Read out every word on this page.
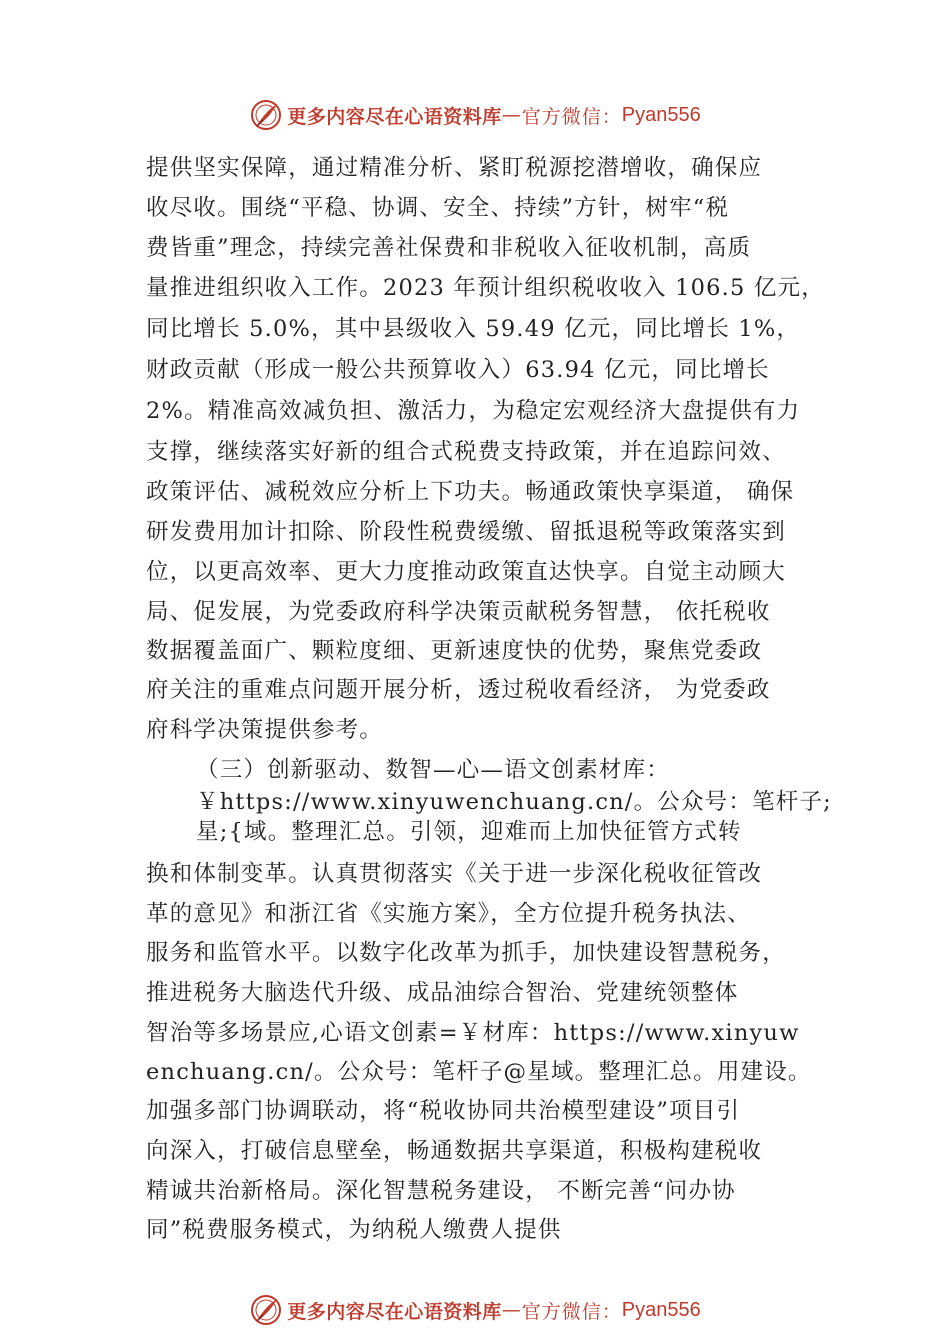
更多内容尽在心语资料库 — 官方微信： Pyan556
提供坚实保障，通过精准分析、紧盯税源挖潜增收，确保应
收尽收。围绕“平稳、协调、安全、持续”方针，树牢“税
费皆重”理念，持续完善社保费和非税收入征收机制，高质
量推进组织收入工作。2023 年预计组织税收收入 106.5 亿元，
同比增长 5.0%，其中县级收入 59.49 亿元，同比增长 1%，
财政贡献（形成一般公共预算收入）63.94 亿元，同比增长
2%。精准高效减负担、激活力，为稳定宏观经济大盘提供有力
支撑，继续落实好新的组合式税费支持政策，并在追踪问效、
政策评估、减税效应分析上下功夫。畅通政策快享渠道， 确保
研发费用加计扣除、阶段性税费缓缴、留抵退税等政策落实到
位，以更高效率、更大力度推动政策直达快享。自觉主动顾大
局、促发展，为党委政府科学决策贡献税务智慧， 依托税收
数据覆盖面广、颗粒度细、更新速度快的优势，聚焦党委政
府关注的重难点问题开展分析，透过税收看经济， 为党委政
府科学决策提供参考。
（三）创新驱动、数智—心—语文创素材库：
￥https://www.xinyuwenchuang.cn/。公众号：笔杆子;
星;{域。整理汇总。引领，迎难而上加快征管方式转
换和体制变革。认真贯彻落实《关于进一步深化税收征管改
革的意见》和浙江省《实施方案》，全方位提升税务执法、
服务和监管水平。以数字化改革为抓手，加快建设智慧税务，
推进税务大脑迭代升级、成品油综合智治、党建统领整体
智治等多场景应,心语文创素=￥材库：https://www.xinyuw
enchuang.cn/。公众号：笔杆子@星域。整理汇总。用建设。
加强多部门协调联动，将“税收协同共治模型建设”项目引
向深入，打破信息壁垒，畅通数据共享渠道，积极构建税收
精诚共治新格局。深化智慧税务建设， 不断完善“问办协
同”税费服务模式，为纳税人缴费人提供
更多内容尽在心语资料库 — 官方微信： Pyan556
